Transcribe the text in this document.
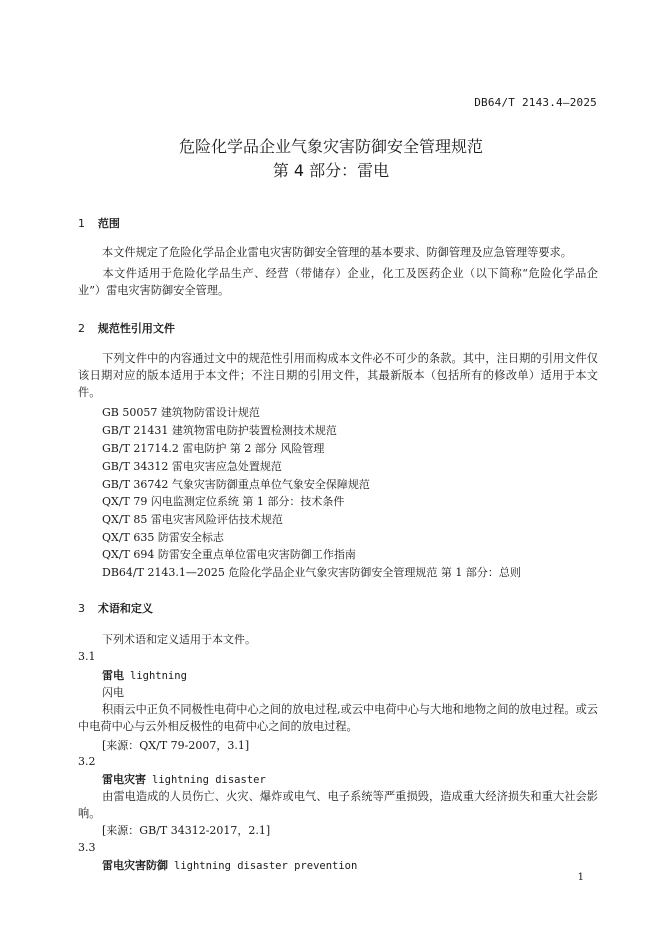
DB64/T 2143.4—2025
危险化学品企业气象灾害防御安全管理规范
第 4 部分：雷电
1 范围
本文件规定了危险化学品企业雷电灾害防御安全管理的基本要求、防御管理及应急管理等要求。
本文件适用于危险化学品生产、经营（带储存）企业，化工及医药企业（以下简称“危险化学品企业”）雷电灾害防御安全管理。
2 规范性引用文件
下列文件中的内容通过文中的规范性引用而构成本文件必不可少的条款。其中，注日期的引用文件仅该日期对应的版本适用于本文件；不注日期的引用文件，其最新版本（包括所有的修改单）适用于本文件。
GB 50057 建筑物防雷设计规范
GB/T 21431 建筑物雷电防护装置检测技术规范
GB/T 21714.2 雷电防护 第 2 部分 风险管理
GB/T 34312 雷电灾害应急处置规范
GB/T 36742 气象灾害防御重点单位气象安全保障规范
QX/T 79 闪电监测定位系统 第 1 部分：技术条件
QX/T 85 雷电灾害风险评估技术规范
QX/T 635 防雷安全标志
QX/T 694 防雷安全重点单位雷电灾害防御工作指南
DB64/T 2143.1—2025 危险化学品企业气象灾害防御安全管理规范 第 1 部分：总则
3 术语和定义
下列术语和定义适用于本文件。
3.1
雷电 lightning
闪电
积雨云中正负不同极性电荷中心之间的放电过程,或云中电荷中心与大地和地物之间的放电过程。或云中电荷中心与云外相反极性的电荷中心之间的放电过程。
[来源：QX/T 79-2007，3.1]
3.2
雷电灾害 lightning disaster
由雷电造成的人员伤亡、火灾、爆炸或电气、电子系统等严重损毁，造成重大经济损失和重大社会影响。
[来源：GB/T 34312-2017，2.1]
3.3
雷电灾害防御 lightning disaster prevention
1
